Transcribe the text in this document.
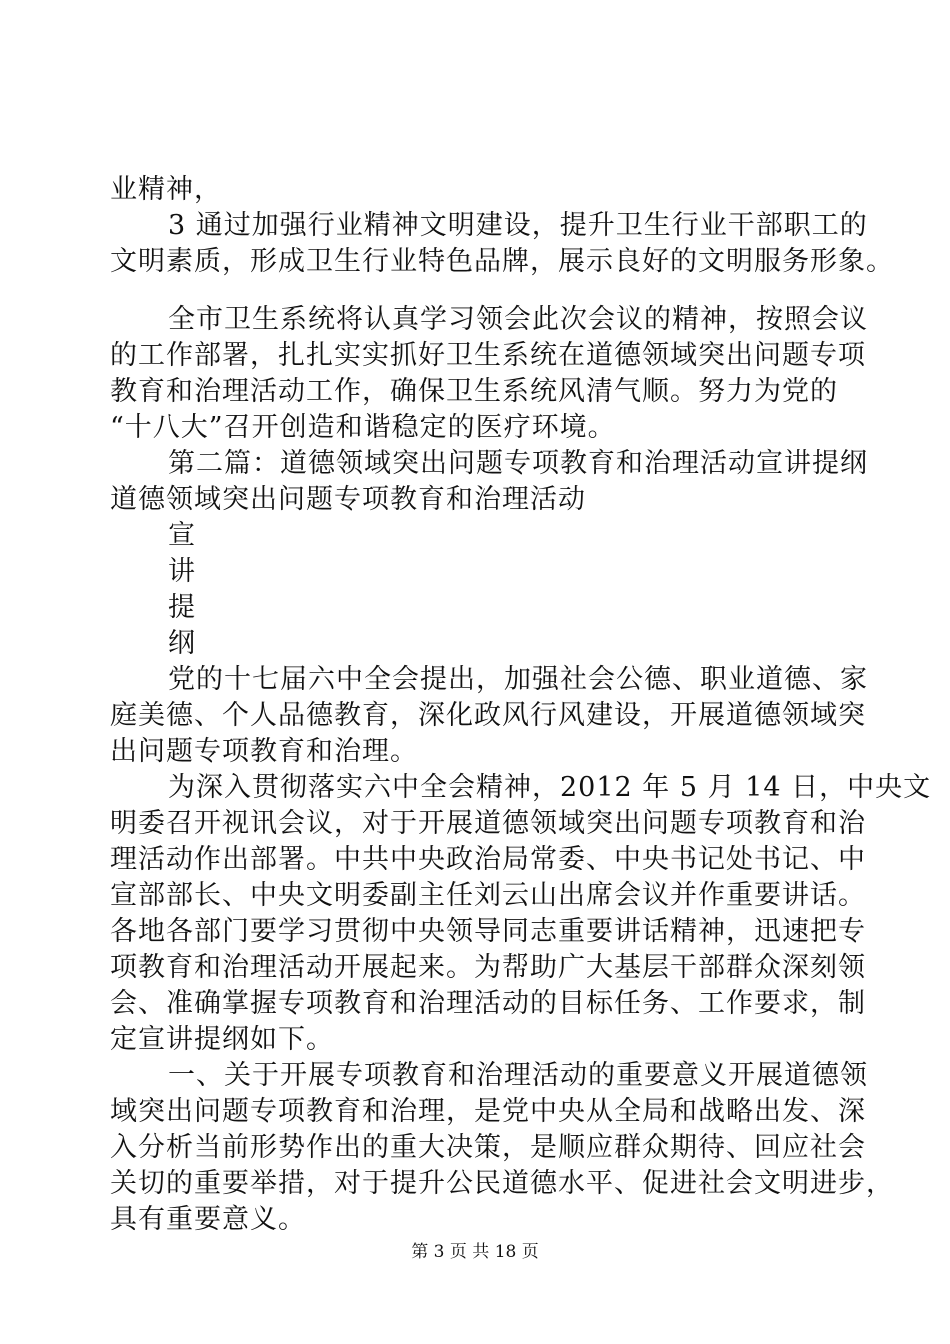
业精神，
3 通过加强行业精神文明建设，提升卫生行业干部职工的
文明素质，形成卫生行业特色品牌，展示良好的文明服务形象。
全市卫生系统将认真学习领会此次会议的精神，按照会议
的工作部署，扎扎实实抓好卫生系统在道德领域突出问题专项
教育和治理活动工作，确保卫生系统风清气顺。努力为党的
“十八大”召开创造和谐稳定的医疗环境。
第二篇：道德领域突出问题专项教育和治理活动宣讲提纲
道德领域突出问题专项教育和治理活动
宣
讲
提
纲
党的十七届六中全会提出，加强社会公德、职业道德、家
庭美德、个人品德教育，深化政风行风建设，开展道德领域突
出问题专项教育和治理。
为深入贯彻落实六中全会精神，2012 年 5 月 14 日，中央文
明委召开视讯会议，对于开展道德领域突出问题专项教育和治
理活动作出部署。中共中央政治局常委、中央书记处书记、中
宣部部长、中央文明委副主任刘云山出席会议并作重要讲话。
各地各部门要学习贯彻中央领导同志重要讲话精神，迅速把专
项教育和治理活动开展起来。为帮助广大基层干部群众深刻领
会、准确掌握专项教育和治理活动的目标任务、工作要求，制
定宣讲提纲如下。
一、关于开展专项教育和治理活动的重要意义开展道德领
域突出问题专项教育和治理，是党中央从全局和战略出发、深
入分析当前形势作出的重大决策，是顺应群众期待、回应社会
关切的重要举措，对于提升公民道德水平、促进社会文明进步，
具有重要意义。
第 3 页 共 18 页
